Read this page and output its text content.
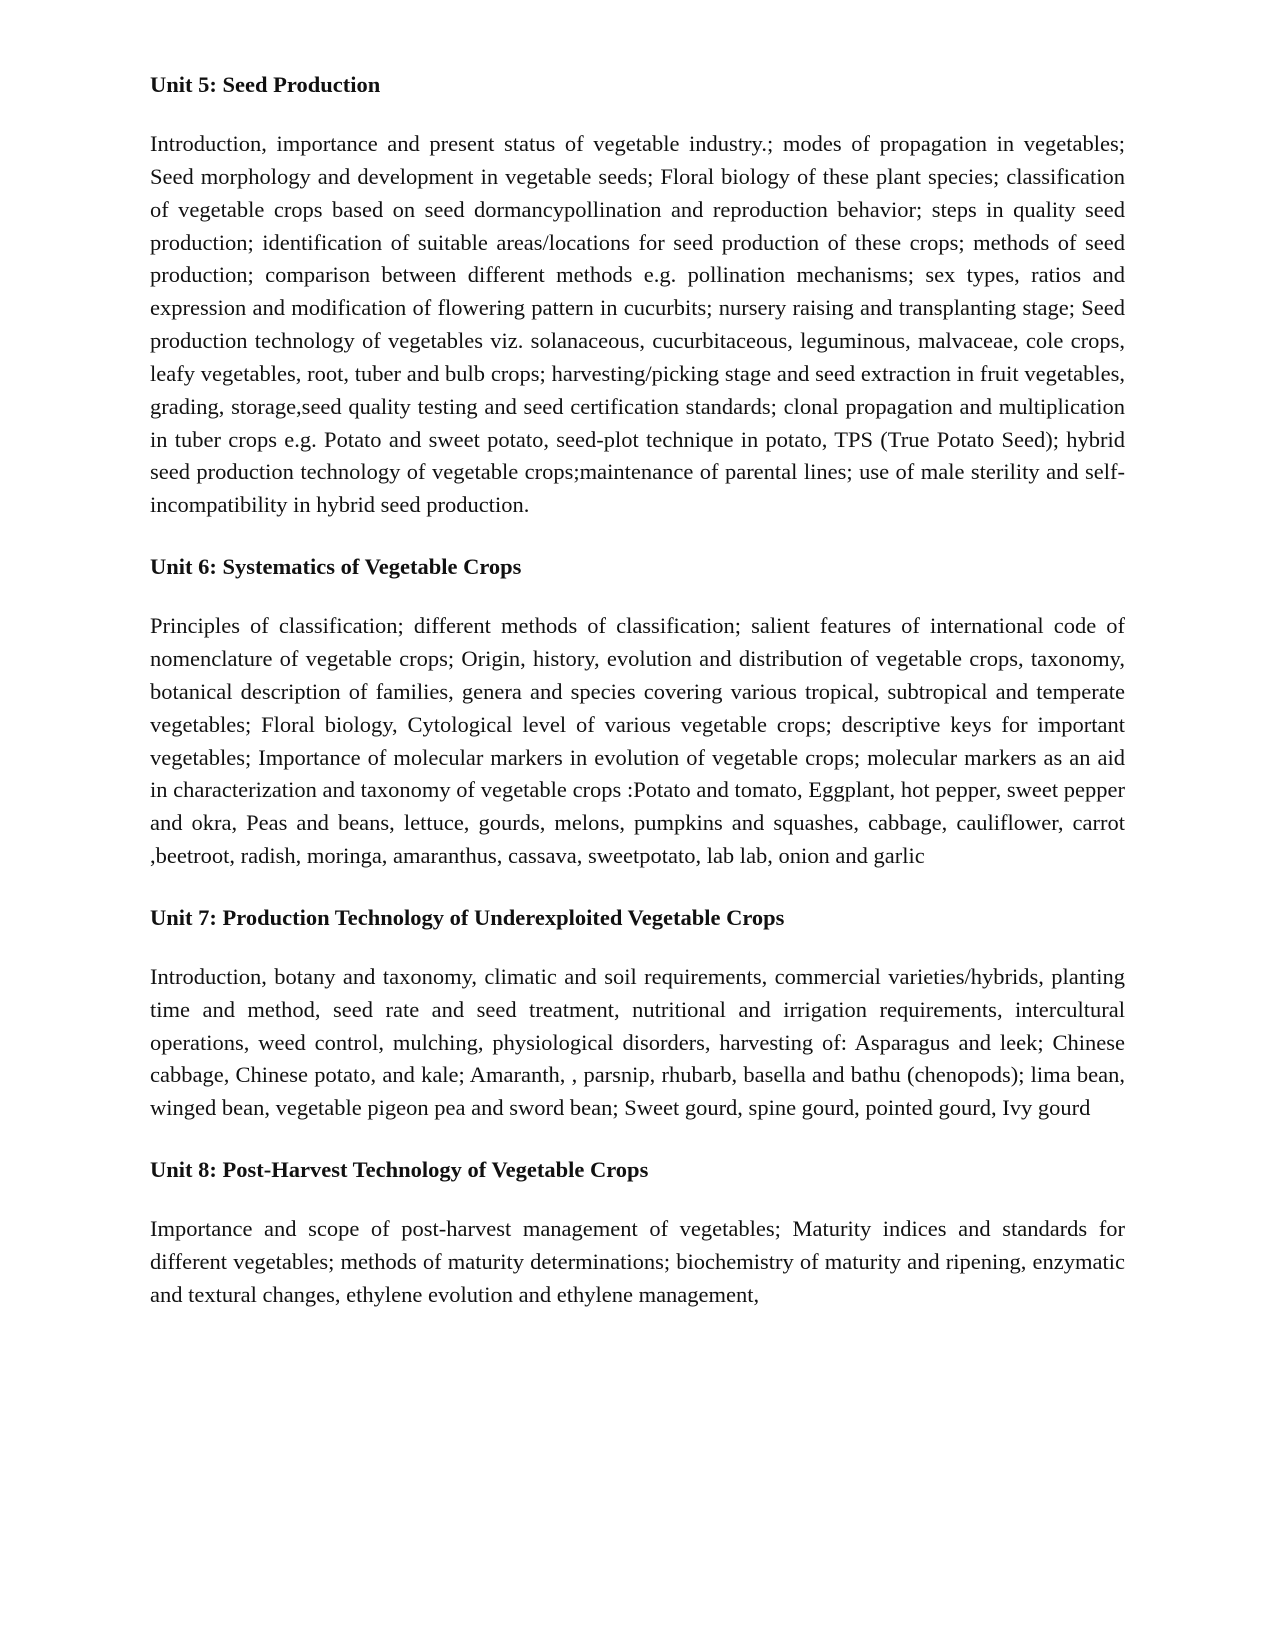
Unit 5: Seed Production

Introduction, importance and present status of vegetable industry.; modes of propagation in vegetables; Seed morphology and development in vegetable seeds; Floral biology of these plant species; classification of vegetable crops based on seed dormancypollination and reproduction behavior; steps in quality seed production; identification of suitable areas/locations for seed production of these crops; methods of seed production; comparison between different methods e.g. pollination mechanisms; sex types, ratios and expression and modification of flowering pattern in cucurbits; nursery raising and transplanting stage; Seed production technology of vegetables viz. solanaceous, cucurbitaceous, leguminous, malvaceae, cole crops, leafy vegetables, root, tuber and bulb crops; harvesting/picking stage and seed extraction in fruit vegetables, grading, storage,seed quality testing and seed certification standards; clonal propagation and multiplication in tuber crops e.g. Potato and sweet potato, seed-plot technique in potato, TPS (True Potato Seed); hybrid seed production technology of vegetable crops;maintenance of parental lines; use of male sterility and self-incompatibility in hybrid seed production.

Unit 6: Systematics of Vegetable Crops

Principles of classification; different methods of classification; salient features of international code of nomenclature of vegetable crops; Origin, history, evolution and distribution of vegetable crops, taxonomy, botanical description of families, genera and species covering various tropical, subtropical and temperate vegetables; Floral biology, Cytological level of various vegetable crops; descriptive keys for important vegetables; Importance of molecular markers in evolution of vegetable crops; molecular markers as an aid in characterization and taxonomy of vegetable crops :Potato and tomato, Eggplant, hot pepper, sweet pepper and okra, Peas and beans, lettuce, gourds, melons, pumpkins and squashes, cabbage, cauliflower, carrot ,beetroot, radish, moringa, amaranthus, cassava, sweetpotato, lab lab, onion and garlic

Unit 7: Production Technology of Underexploited Vegetable Crops

Introduction, botany and taxonomy, climatic and soil requirements, commercial varieties/hybrids, planting time and method, seed rate and seed treatment, nutritional and irrigation requirements, intercultural operations, weed control, mulching, physiological disorders, harvesting of: Asparagus and leek; Chinese cabbage, Chinese potato, and kale; Amaranth, , parsnip, rhubarb, basella and bathu (chenopods); lima bean, winged bean, vegetable pigeon pea and sword bean; Sweet gourd, spine gourd, pointed gourd, Ivy gourd

Unit 8: Post-Harvest Technology of Vegetable Crops

Importance and scope of post-harvest management of vegetables; Maturity indices and standards for different vegetables; methods of maturity determinations; biochemistry of maturity and ripening, enzymatic and textural changes, ethylene evolution and ethylene management,
